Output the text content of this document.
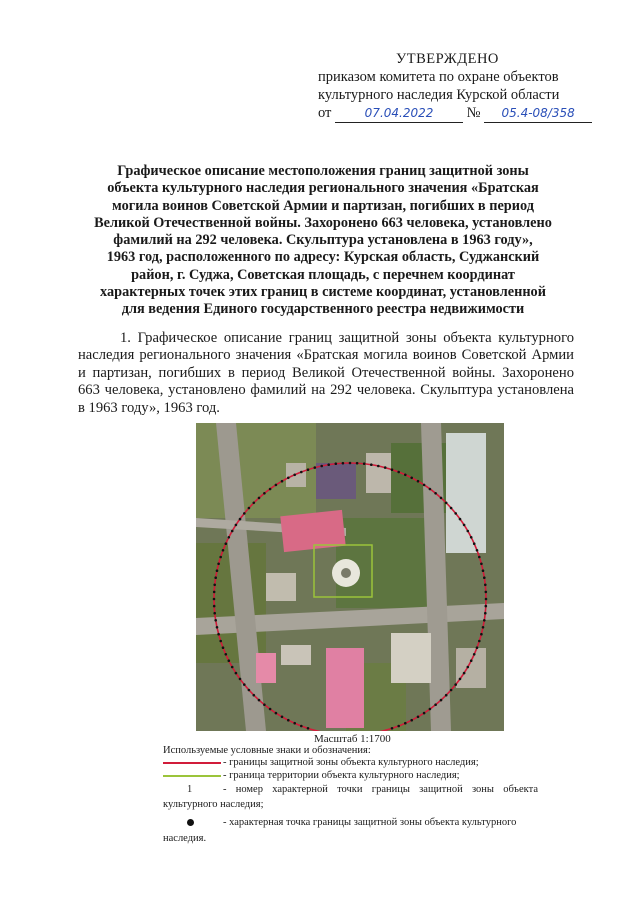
УТВЕРЖДЕНО
приказом комитета по охране объектов
культурного наследия Курской области
от	07.04.2022 № 05.4-08/358
Графическое описание местоположения границ защитной зоны
объекта культурного наследия регионального значения «Братская
могила воинов Советской Армии и партизан, погибших в период
Великой Отечественной войны. Захоронено 663 человека, установлено
фамилий на 292 человека. Скульптура установлена в 1963 году»,
1963 год, расположенного по адресу: Курская область, Суджанский
район, г. Суджа, Советская площадь, с перечнем координат
характерных точек этих границ в системе координат, установленной
для ведения Единого государственного реестра недвижимости
1. Графическое описание границ защитной зоны объекта культурного наследия регионального значения «Братская могила воинов Советской Армии и партизан, погибших в период Великой Отечественной войны. Захоронено 663 человека, установлено фамилий на 292 человека. Скульптура установлена в 1963 году», 1963 год.
Масштаб 1:1700
Используемые условные знаки и обозначения:
- границы защитной зоны объекта культурного наследия;
- граница территории объекта культурного наследия;
1	- номер характерной точки границы защитной зоны объекта
культурного наследия;
- характерная точка границы защитной зоны объекта культурного
наследия.
